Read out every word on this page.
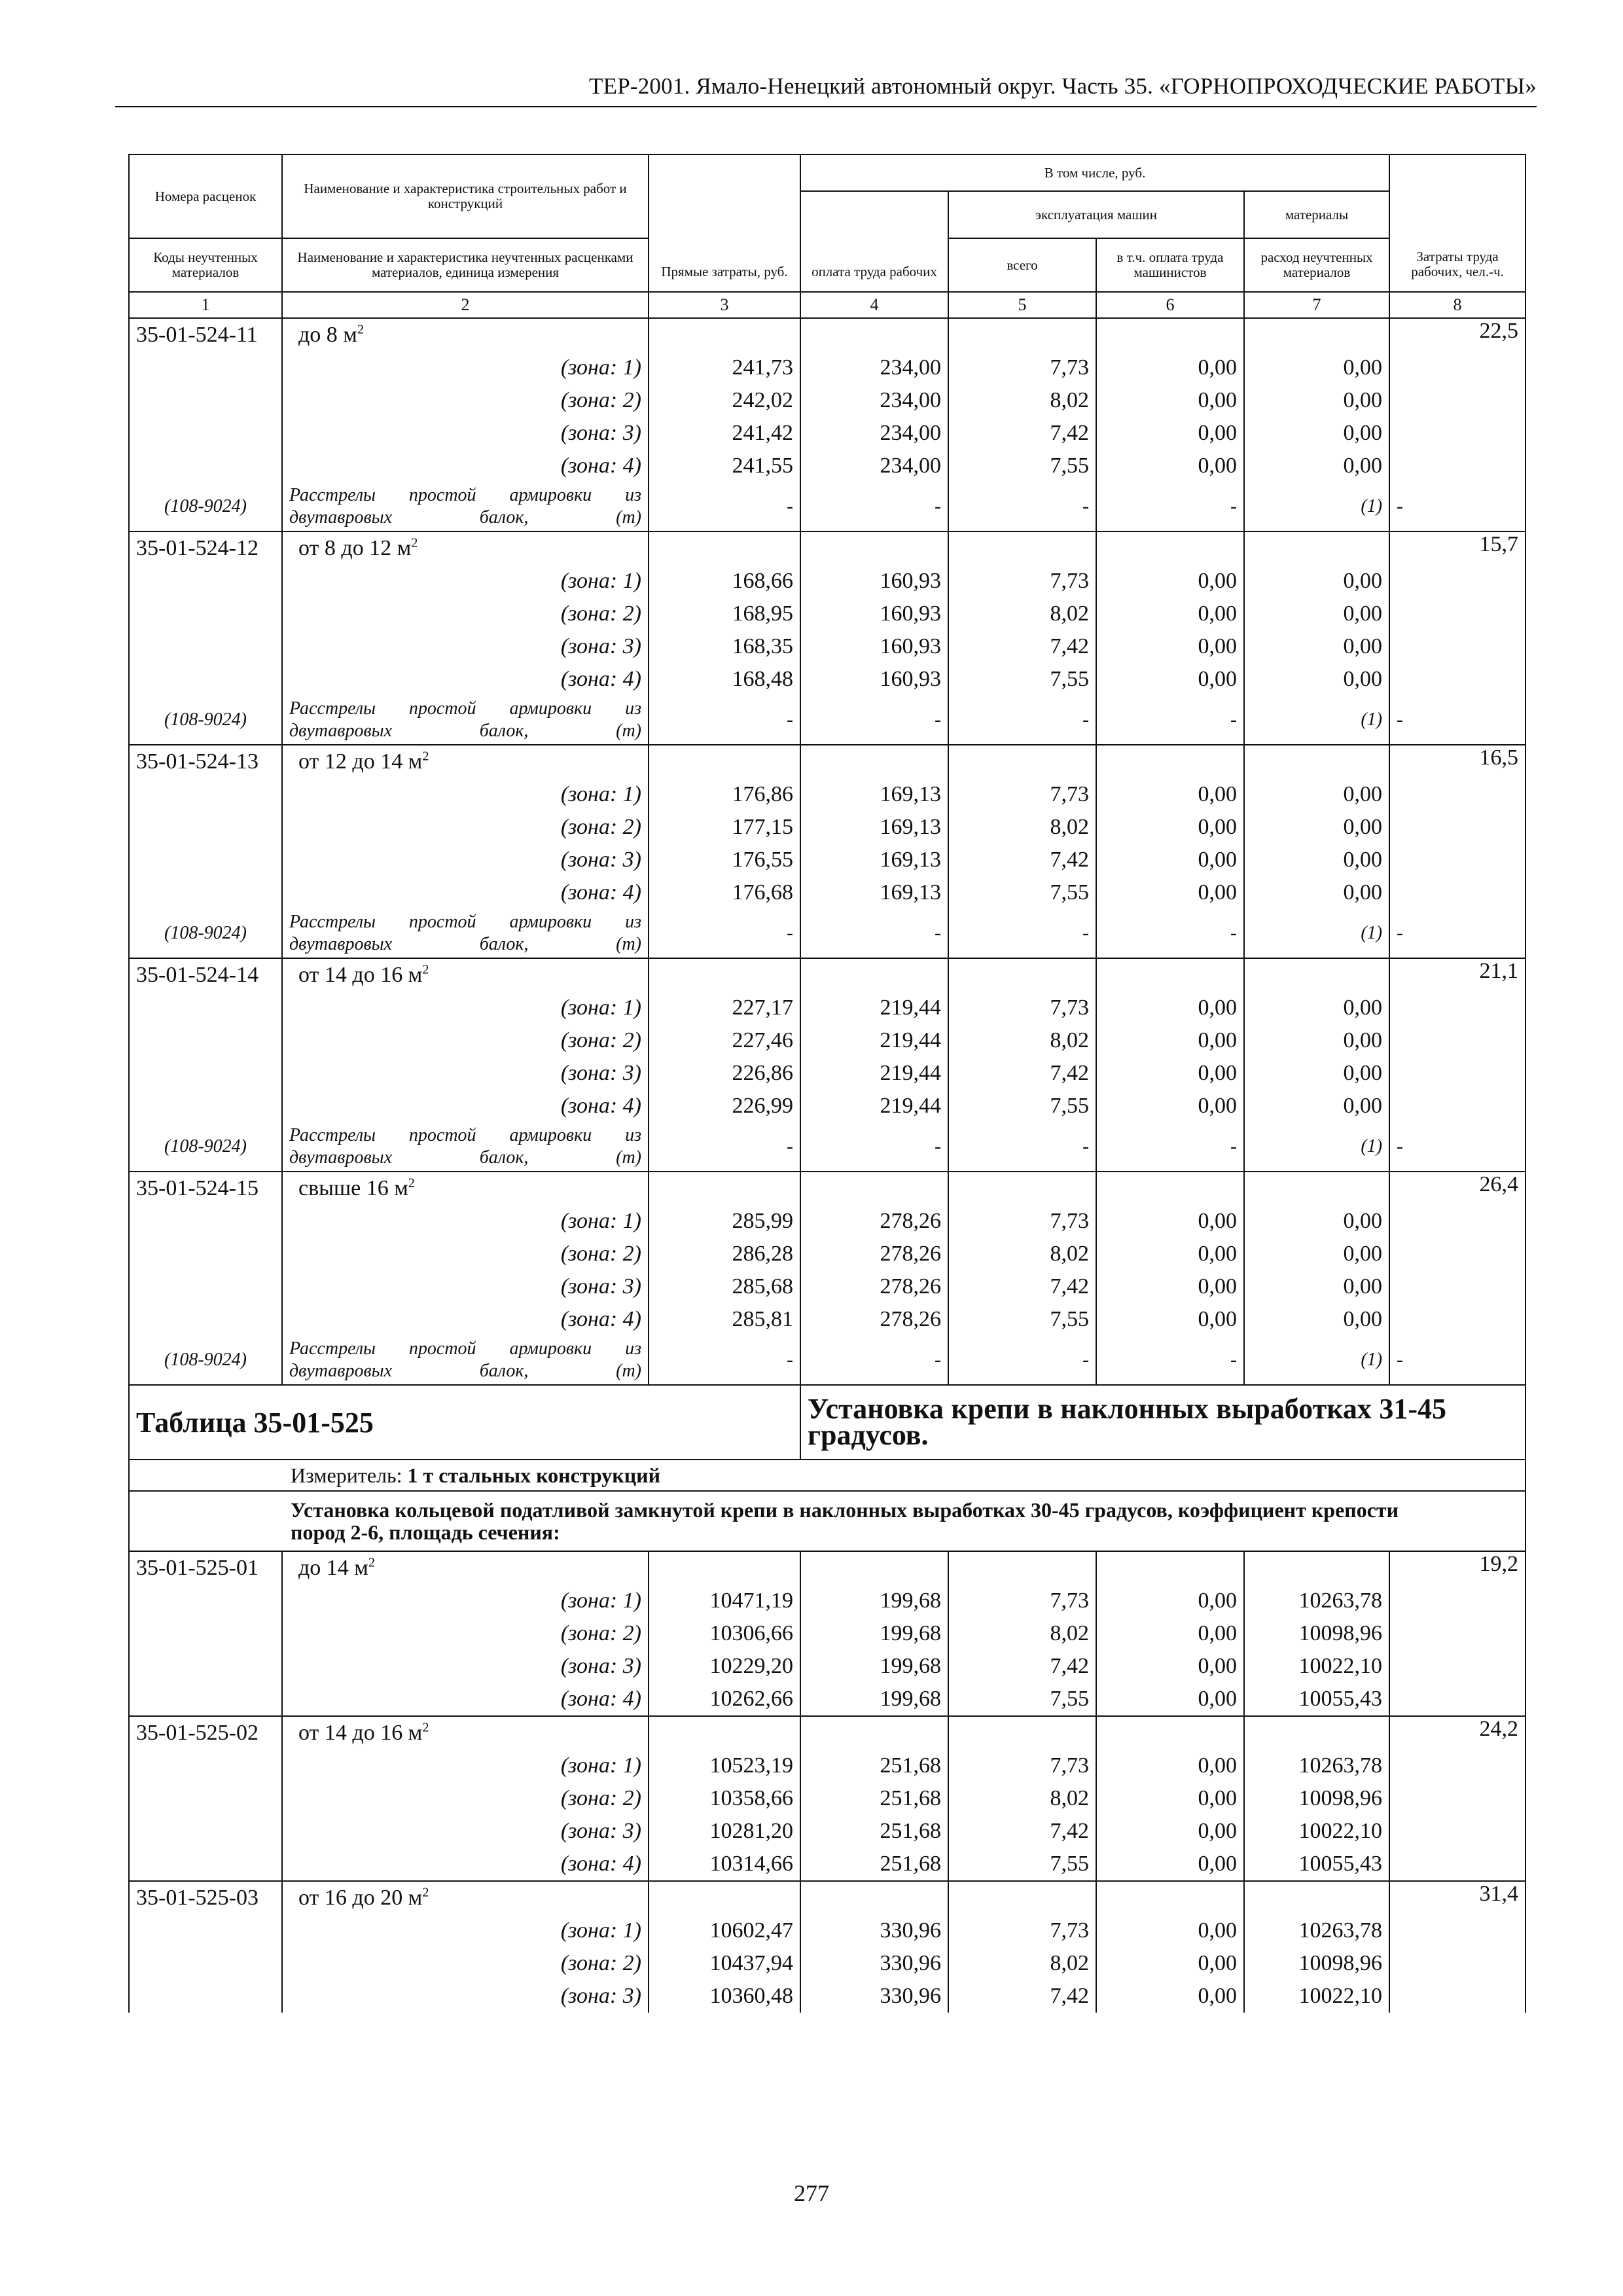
ТЕР-2001. Ямало-Ненецкий автономный округ. Часть 35. «ГОРНОПРОХОДЧЕСКИЕ РАБОТЫ»
Номера расценок	Наименование и характеристика строительных работ и конструкций	Прямые затраты, руб.	В том числе, руб.				Затраты труда рабочих, чел.-ч.
			оплата труда рабочих	эксплуатация машин		материалы	
Коды неучтенных материалов	Наименование и характеристика неучтенных расценками материалов, единица измерения			всего	в т.ч. оплата труда машинистов	расход неучтенных материалов	
1	2	3	4	5	6	7	8
35-01-524-11	до 8 $м^2$						22,5
	(зона: 1)	241,73	234,00	7,73	0,00	0,00	
	(зона: 2)	242,02	234,00	8,02	0,00	0,00	
	(зона: 3)	241,42	234,00	7,42	0,00	0,00	
	(зона: 4)	241,55	234,00	7,55	0,00	0,00	
(108-9024)	Расстрелы простой армировки из двутавровых балок, (т)	-	-	-	-	(1)	-
35-01-524-12	от 8 до 12 $м^2$						15,7
	(зона: 1)	168,66	160,93	7,73	0,00	0,00	
	(зона: 2)	168,95	160,93	8,02	0,00	0,00	
	(зона: 3)	168,35	160,93	7,42	0,00	0,00	
	(зона: 4)	168,48	160,93	7,55	0,00	0,00	
(108-9024)	Расстрелы простой армировки из двутавровых балок, (т)	-	-	-	-	(1)	-
35-01-524-13	от 12 до 14 $м^2$						16,5
	(зона: 1)	176,86	169,13	7,73	0,00	0,00	
	(зона: 2)	177,15	169,13	8,02	0,00	0,00	
	(зона: 3)	176,55	169,13	7,42	0,00	0,00	
	(зона: 4)	176,68	169,13	7,55	0,00	0,00	
(108-9024)	Расстрелы простой армировки из двутавровых балок, (т)	-	-	-	-	(1)	-
35-01-524-14	от 14 до 16 $м^2$						21,1
	(зона: 1)	227,17	219,44	7,73	0,00	0,00	
	(зона: 2)	227,46	219,44	8,02	0,00	0,00	
	(зона: 3)	226,86	219,44	7,42	0,00	0,00	
	(зона: 4)	226,99	219,44	7,55	0,00	0,00	
(108-9024)	Расстрелы простой армировки из двутавровых балок, (т)	-	-	-	-	(1)	-
35-01-524-15	свыше 16 $м^2$						26,4
	(зона: 1)	285,99	278,26	7,73	0,00	0,00	
	(зона: 2)	286,28	278,26	8,02	0,00	0,00	
	(зона: 3)	285,68	278,26	7,42	0,00	0,00	
	(зона: 4)	285,81	278,26	7,55	0,00	0,00	
(108-9024)	Расстрелы простой армировки из двутавровых балок, (т)	-	-	-	-	(1)	-
Таблица 35-01-525			Установка крепи в наклонных выработках 31-45 градусов.				
Измеритель: 1 т стальных конструкций							
Установка кольцевой податливой замкнутой крепи в наклонных выработках 30-45 градусов, коэффициент крепости пород 2-6, площадь сечения:							
35-01-525-01	до 14 $м^2$						19,2
	(зона: 1)	10471,19	199,68	7,73	0,00	10263,78	
	(зона: 2)	10306,66	199,68	8,02	0,00	10098,96	
	(зона: 3)	10229,20	199,68	7,42	0,00	10022,10	
	(зона: 4)	10262,66	199,68	7,55	0,00	10055,43	
35-01-525-02	от 14 до 16 $м^2$						24,2
	(зона: 1)	10523,19	251,68	7,73	0,00	10263,78	
	(зона: 2)	10358,66	251,68	8,02	0,00	10098,96	
	(зона: 3)	10281,20	251,68	7,42	0,00	10022,10	
	(зона: 4)	10314,66	251,68	7,55	0,00	10055,43	
35-01-525-03	от 16 до 20 $м^2$						31,4
	(зона: 1)	10602,47	330,96	7,73	0,00	10263,78	
	(зона: 2)	10437,94	330,96	8,02	0,00	10098,96	
	(зона: 3)	10360,48	330,96	7,42	0,00	10022,10	
277
